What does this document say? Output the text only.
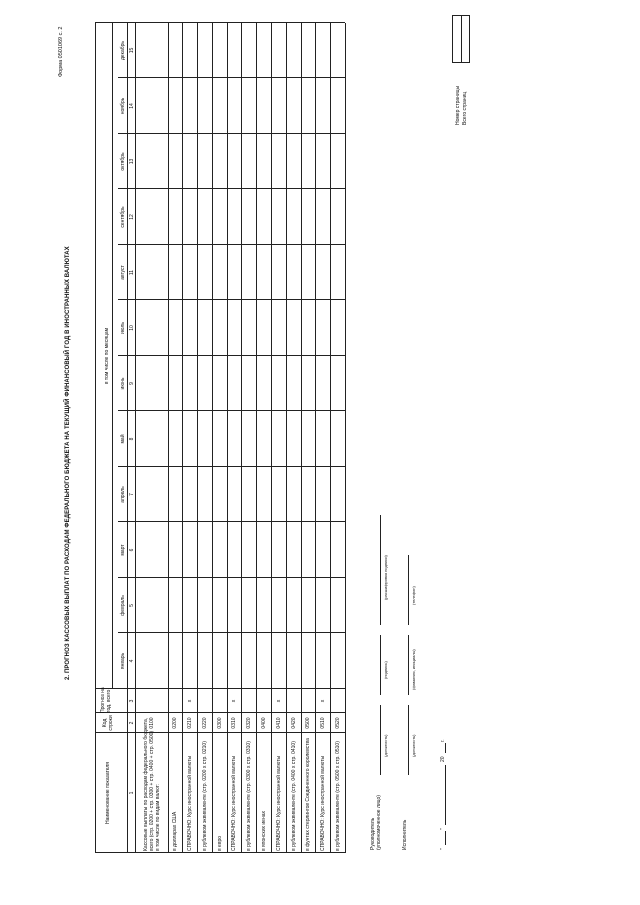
Форма 0501069 с. 2
2. ПРОГНОЗ КАССОВЫХ ВЫПЛАТ ПО РАСХОДАМ ФЕДЕРАЛЬНОГО БЮДЖЕТА НА ТЕКУЩИЙ ФИНАНСОВЫЙ ГОД В ИНОСТРАННЫХ ВАЛЮТАХ
Номер страницы Всего страниц
Наименование показателя
Код строки
Прогноз на год, всего
в том числе по месяцам
январь
февраль
март
апрель
май
июнь
июль
август
сентябрь
октябрь
ноябрь
декабрь
1
2
3
4
5
6
7
8
9
10
11
12
13
14
15
Кассовые выплаты по расходам федерального бюджета, всего (стр. 0200 + стр. 0300 + стр. 0400 + стр. 0500) в том числе по видам валют:
0100
в долларах США
0200
СПРАВОЧНО: Курс иностранной валюты
0210
x
в рублевом эквиваленте (стр. 0200 х стр. 0210)
0220
в евро
0300
СПРАВОЧНО: Курс иностранной валюты
0310
x
в рублевом эквиваленте (стр. 0300 х стр. 0310)
0320
в японских иенах
0400
СПРАВОЧНО: Курс иностранной валюты
0410
x
в рублевом эквиваленте (стр. 0400 х стр. 0410)
0420
в фунтах стерлингов Соединенного королевства
0500
СПРАВОЧНО: Курс иностранной валюты
0510
x
в рублевом эквиваленте (стр. 0500 х стр. 0510)
0520
Руководитель (уполномоченное лицо)
(должность)
(подпись)
(расшифровка подписи)
Исполнитель
(должность)
(фамилия, инициалы)
(телефон)
"
"
20
г.
